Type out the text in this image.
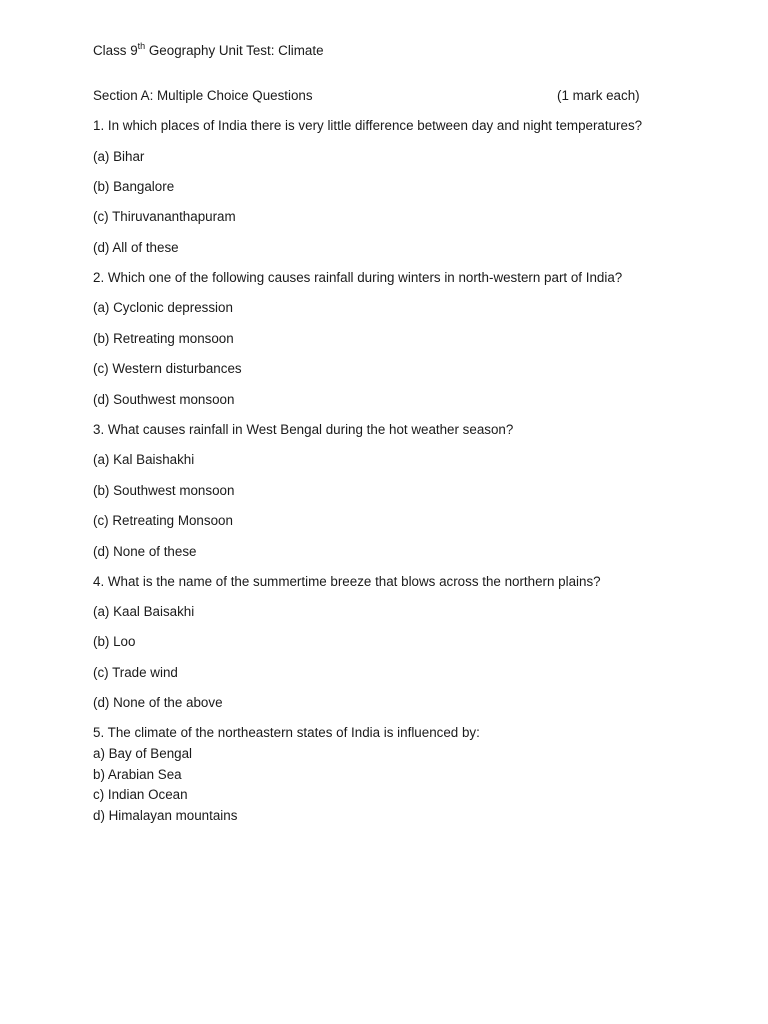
Class 9th Geography Unit Test: Climate
Section A: Multiple Choice Questions	(1 mark each)
1. In which places of India there is very little difference between day and night temperatures?
(a) Bihar
(b) Bangalore
(c) Thiruvananthapuram
(d) All of these
2. Which one of the following causes rainfall during winters in north-western part of India?
(a) Cyclonic depression
(b) Retreating monsoon
(c) Western disturbances
(d) Southwest monsoon
3. What causes rainfall in West Bengal during the hot weather season?
(a) Kal Baishakhi
(b) Southwest monsoon
(c) Retreating Monsoon
(d) None of these
4. What is the name of the summertime breeze that blows across the northern plains?
(a) Kaal Baisakhi
(b) Loo
(c) Trade wind
(d) None of the above
5. The climate of the northeastern states of India is influenced by:
a) Bay of Bengal
b) Arabian Sea
c) Indian Ocean
d) Himalayan mountains
